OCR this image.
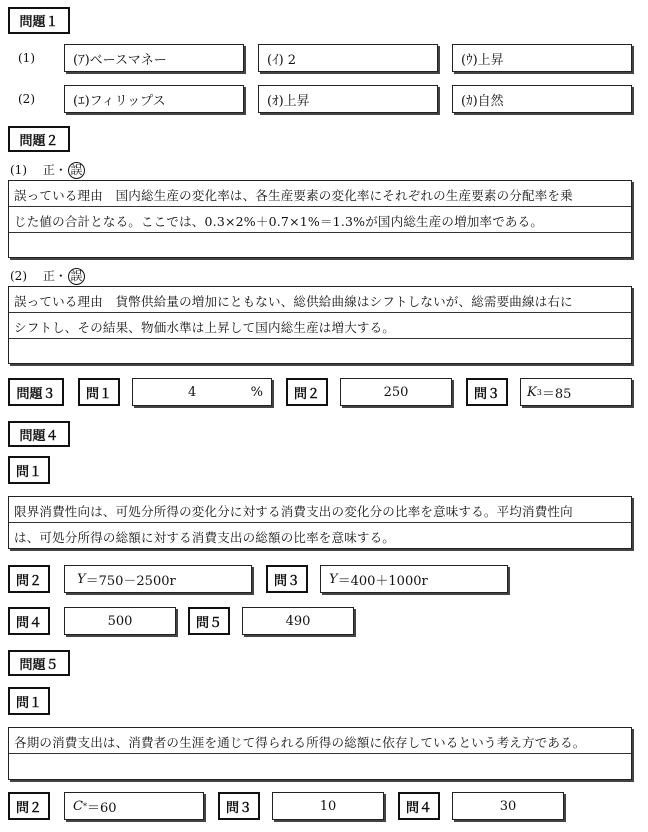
問題１
(1)	(ｱ)ベースマネー	(ｲ) 2	(ｳ)上昇
(2)	(ｴ)フィリップス	(ｵ)上昇	(ｶ)自然
問題２
(1) 正・ 誤
誤っている理由　国内総生産の変化率は、各生産要素の変化率にそれぞれの生産要素の分配率を乗
じた値の合計となる。ここでは、0.3×2%＋0.7×1%＝1.3%が国内総生産の増加率である。
(2) 正・ 誤
誤っている理由　貨幣供給量の増加にともない、総供給曲線はシフトしないが、総需要曲線は右に
シフトし、その結果、物価水準は上昇して国内総生産は増大する。
問題３	問１	4	%	問２	250	問３	K 3 ＝85
問題４
問１
限界消費性向は、可処分所得の変化分に対する消費支出の変化分の比率を意味する。平均消費性向
は、可処分所得の総額に対する消費支出の総額の比率を意味する。
問２	Y ＝750－2500r	問３	Y ＝400＋1000r
問４	500	問５	490
問題５
問１
各期の消費支出は、消費者の生涯を通じて得られる所得の総額に依存しているという考え方である。
問２	C * ＝60	問３	10	問４	30
